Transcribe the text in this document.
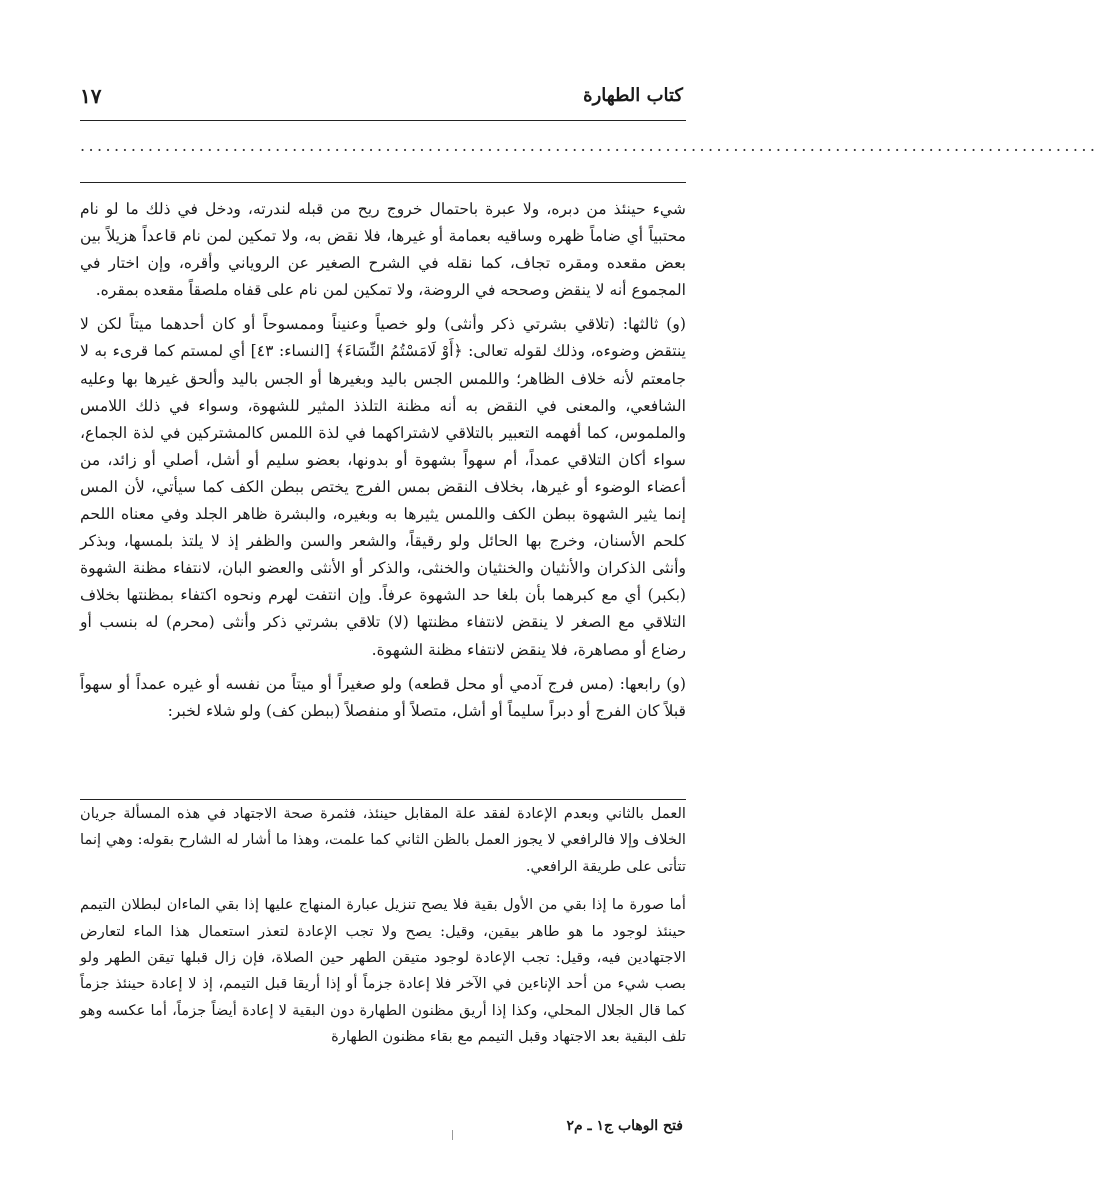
١٧	كتاب الطهارة
........................................................................................................................

شيء حينئذ من دبره، ولا عبرة باحتمال خروج ريح من قبله لندرته، ودخل في ذلك ما لو نام محتبياً أي ضاماً ظهره وساقيه بعمامة أو غيرها، فلا نقض به، ولا تمكين لمن نام قاعداً هزيلاً بين بعض مقعده ومقره تجاف، كما نقله في الشرح الصغير عن الروياني وأقره، وإن اختار في المجموع أنه لا ينقض وصححه في الروضة، ولا تمكين لمن نام على قفاه ملصقاً مقعده بمقره.

(و) ثالثها: (تلاقي بشرتي ذكر وأنثى) ولو خصياً وعنيناً وممسوحاً أو كان أحدهما ميتاً لكن لا ينتقض وضوءه، وذلك لقوله تعالى: ﴿أَوْ لَامَسْتُمُ النِّسَاءَ﴾ [النساء: ٤٣] أي لمستم كما قرىء به لا جامعتم لأنه خلاف الظاهر؛ واللمس الجس باليد وبغيرها أو الجس باليد وألحق غيرها بها وعليه الشافعي، والمعنى في النقض به أنه مظنة التلذذ المثير للشهوة، وسواء في ذلك اللامس والملموس، كما أفهمه التعبير بالتلاقي لاشتراكهما في لذة اللمس كالمشتركين في لذة الجماع، سواء أكان التلاقي عمداً، أم سهواً بشهوة أو بدونها، بعضو سليم أو أشل، أصلي أو زائد، من أعضاء الوضوء أو غيرها، بخلاف النقض بمس الفرج يختص ببطن الكف كما سيأتي، لأن المس إنما يثير الشهوة ببطن الكف واللمس يثيرها به وبغيره، والبشرة ظاهر الجلد وفي معناه اللحم كلحم الأسنان، وخرج بها الحائل ولو رقيقاً، والشعر والسن والظفر إذ لا يلتذ بلمسها، وبذكر وأنثى الذكران والأنثيان والخنثيان والخنثى، والذكر أو الأنثى والعضو البان، لانتفاء مظنة الشهوة (بكبر) أي مع كبرهما بأن بلغا حد الشهوة عرفاً. وإن انتفت لهرم ونحوه اكتفاء بمظنتها بخلاف التلاقي مع الصغر لا ينقض لانتفاء مظنتها (لا) تلاقي بشرتي ذكر وأنثى (محرم) له بنسب أو رضاع أو مصاهرة، فلا ينقض لانتفاء مظنة الشهوة.

(و) رابعها: (مس فرج آدمي أو محل قطعه) ولو صغيراً أو ميتاً من نفسه أو غيره عمداً أو سهواً قبلاً كان الفرج أو دبراً سليماً أو أشل، متصلاً أو منفصلاً (ببطن كف) ولو شلاء لخبر:

العمل بالثاني وبعدم الإعادة لفقد علة المقابل حينئذ، فثمرة صحة الاجتهاد في هذه المسألة جريان الخلاف وإلا فالرافعي لا يجوز العمل بالظن الثاني كما علمت، وهذا ما أشار له الشارح بقوله: وهي إنما تتأتى على طريقة الرافعي.

أما صورة ما إذا بقي من الأول بقية فلا يصح تنزيل عبارة المنهاج عليها إذا بقي الماءان لبطلان التيمم حينئذ لوجود ما هو طاهر بيقين، وقيل: يصح ولا تجب الإعادة لتعذر استعمال هذا الماء لتعارض الاجتهادين فيه، وقيل: تجب الإعادة لوجود متيقن الطهر حين الصلاة، فإن زال قبلها تيقن الطهر ولو بصب شيء من أحد الإناءين في الآخر فلا إعادة جزماً أو إذا أريقا قبل التيمم، إذ لا إعادة حينئذ جزماً كما قال الجلال المحلي، وكذا إذا أريق مظنون الطهارة دون البقية لا إعادة أيضاً جزماً، أما عكسه وهو تلف البقية بعد الاجتهاد وقبل التيمم مع بقاء مظنون الطهارة

فتح الوهاب ج١ ـ م٢
